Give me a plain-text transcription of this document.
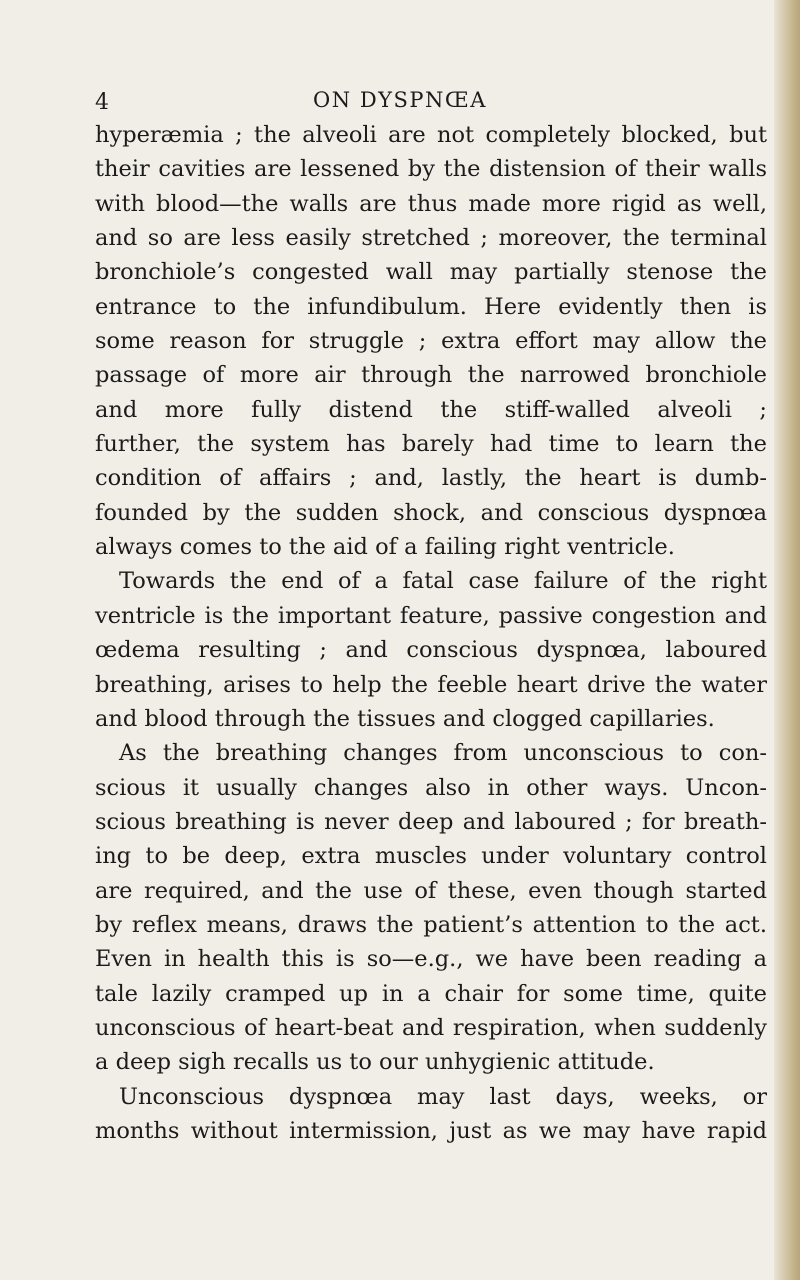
4	ON DYSPNŒA
hyperæmia ; the alveoli are not completely blocked, but
their cavities are lessened by the distension of their walls
with blood—the walls are thus made more rigid as well,
and so are less easily stretched ; moreover, the terminal
bronchiole’s congested wall may partially stenose the
entrance to the infundibulum. Here evidently then is
some reason for struggle ; extra effort may allow the
passage of more air through the narrowed bronchiole
and more fully distend the stiff-walled alveoli ;
further, the system has barely had time to learn the
condition of affairs ; and, lastly, the heart is dumb-
founded by the sudden shock, and conscious dyspnœa
always comes to the aid of a failing right ventricle.
Towards the end of a fatal case failure of the right
ventricle is the important feature, passive congestion and
œdema resulting ; and conscious dyspnœa, laboured
breathing, arises to help the feeble heart drive the water
and blood through the tissues and clogged capillaries.
As the breathing changes from unconscious to con-
scious it usually changes also in other ways. Uncon-
scious breathing is never deep and laboured ; for breath-
ing to be deep, extra muscles under voluntary control
are required, and the use of these, even though started
by reflex means, draws the patient’s attention to the act.
Even in health this is so—e.g., we have been reading a
tale lazily cramped up in a chair for some time, quite
unconscious of heart-beat and respiration, when suddenly
a deep sigh recalls us to our unhygienic attitude.
Unconscious dyspnœa may last days, weeks, or
months without intermission, just as we may have rapid
